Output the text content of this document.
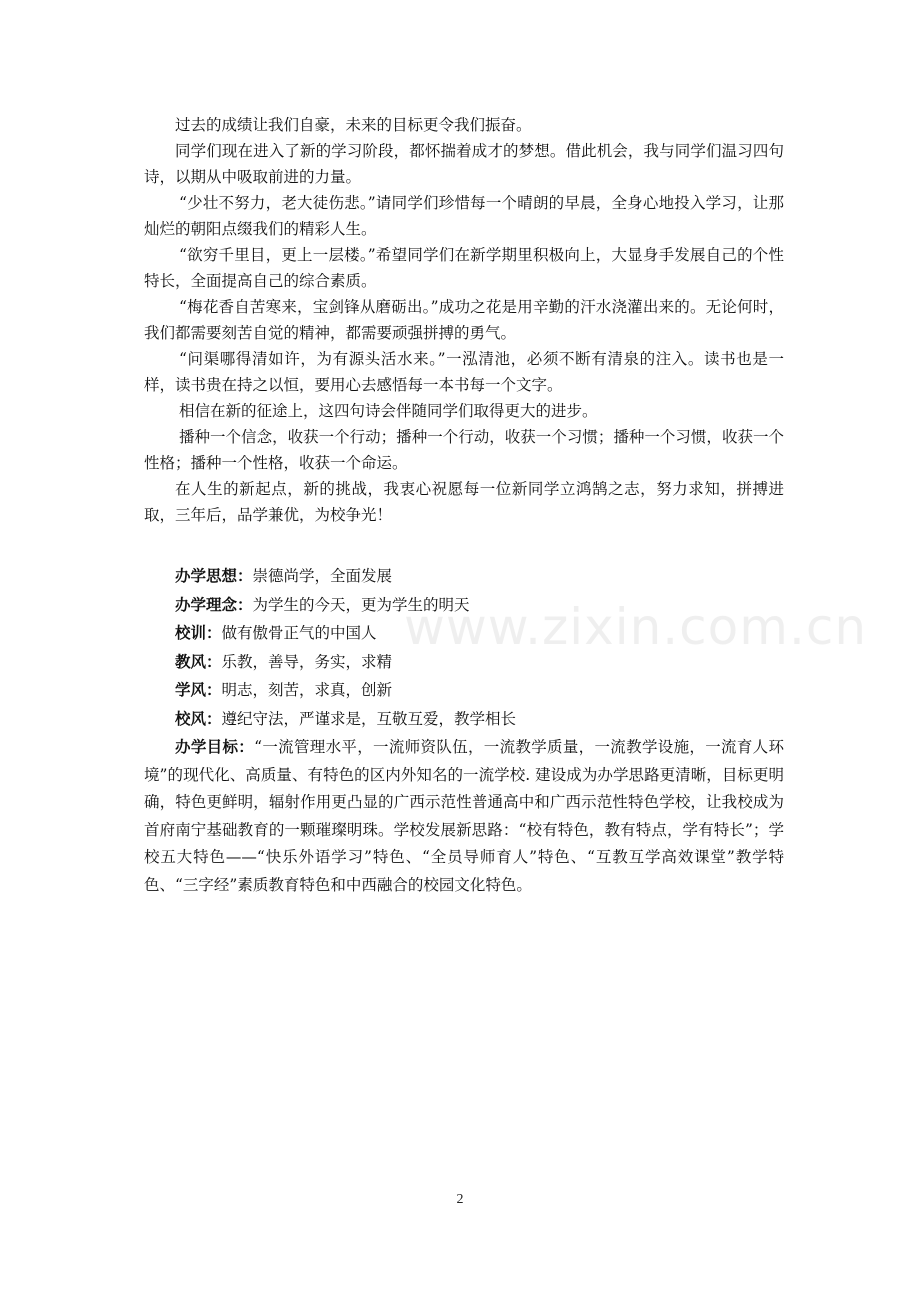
过去的成绩让我们自豪，未来的目标更令我们振奋。

同学们现在进入了新的学习阶段，都怀揣着成才的梦想。借此机会，我与同学们温习四句诗，以期从中吸取前进的力量。

“少壮不努力，老大徒伤悲。”请同学们珍惜每一个晴朗的早晨，全身心地投入学习，让那灿烂的朝阳点缀我们的精彩人生。

“欲穷千里目，更上一层楼。”希望同学们在新学期里积极向上，大显身手发展自己的个性特长，全面提高自己的综合素质。

“梅花香自苦寒来，宝剑锋从磨砺出。”成功之花是用辛勤的汗水浇灌出来的。无论何时，我们都需要刻苦自觉的精神，都需要顽强拼搏的勇气。

“问渠哪得清如许，为有源头活水来。”一泓清池，必须不断有清泉的注入。读书也是一样，读书贵在持之以恒，要用心去感悟每一本书每一个文字。

相信在新的征途上，这四句诗会伴随同学们取得更大的进步。

播种一个信念，收获一个行动；播种一个行动，收获一个习惯；播种一个习惯，收获一个性格；播种一个性格，收获一个命运。

在人生的新起点，新的挑战，我衷心祝愿每一位新同学立鸿鹄之志，努力求知，拼搏进取，三年后，品学兼优，为校争光！

办学思想：崇德尚学，全面发展

办学理念：为学生的今天，更为学生的明天

校训：做有傲骨正气的中国人

教风：乐教，善导，务实，求精

学风：明志，刻苦，求真，创新

校风：遵纪守法，严谨求是，互敬互爱，教学相长

办学目标：“一流管理水平，一流师资队伍，一流教学质量，一流教学设施，一流育人环境”的现代化、高质量、有特色的区内外知名的一流学校. 建设成为办学思路更清晰，目标更明确，特色更鲜明，辐射作用更凸显的广西示范性普通高中和广西示范性特色学校，让我校成为首府南宁基础教育的一颗璀璨明珠。学校发展新思路：“校有特色，教有特点，学有特长”；学校五大特色——“快乐外语学习”特色、“全员导师育人”特色、“互教互学高效课堂”教学特色、“三字经”素质教育特色和中西融合的校园文化特色。

www.zixin.com.cn
2
